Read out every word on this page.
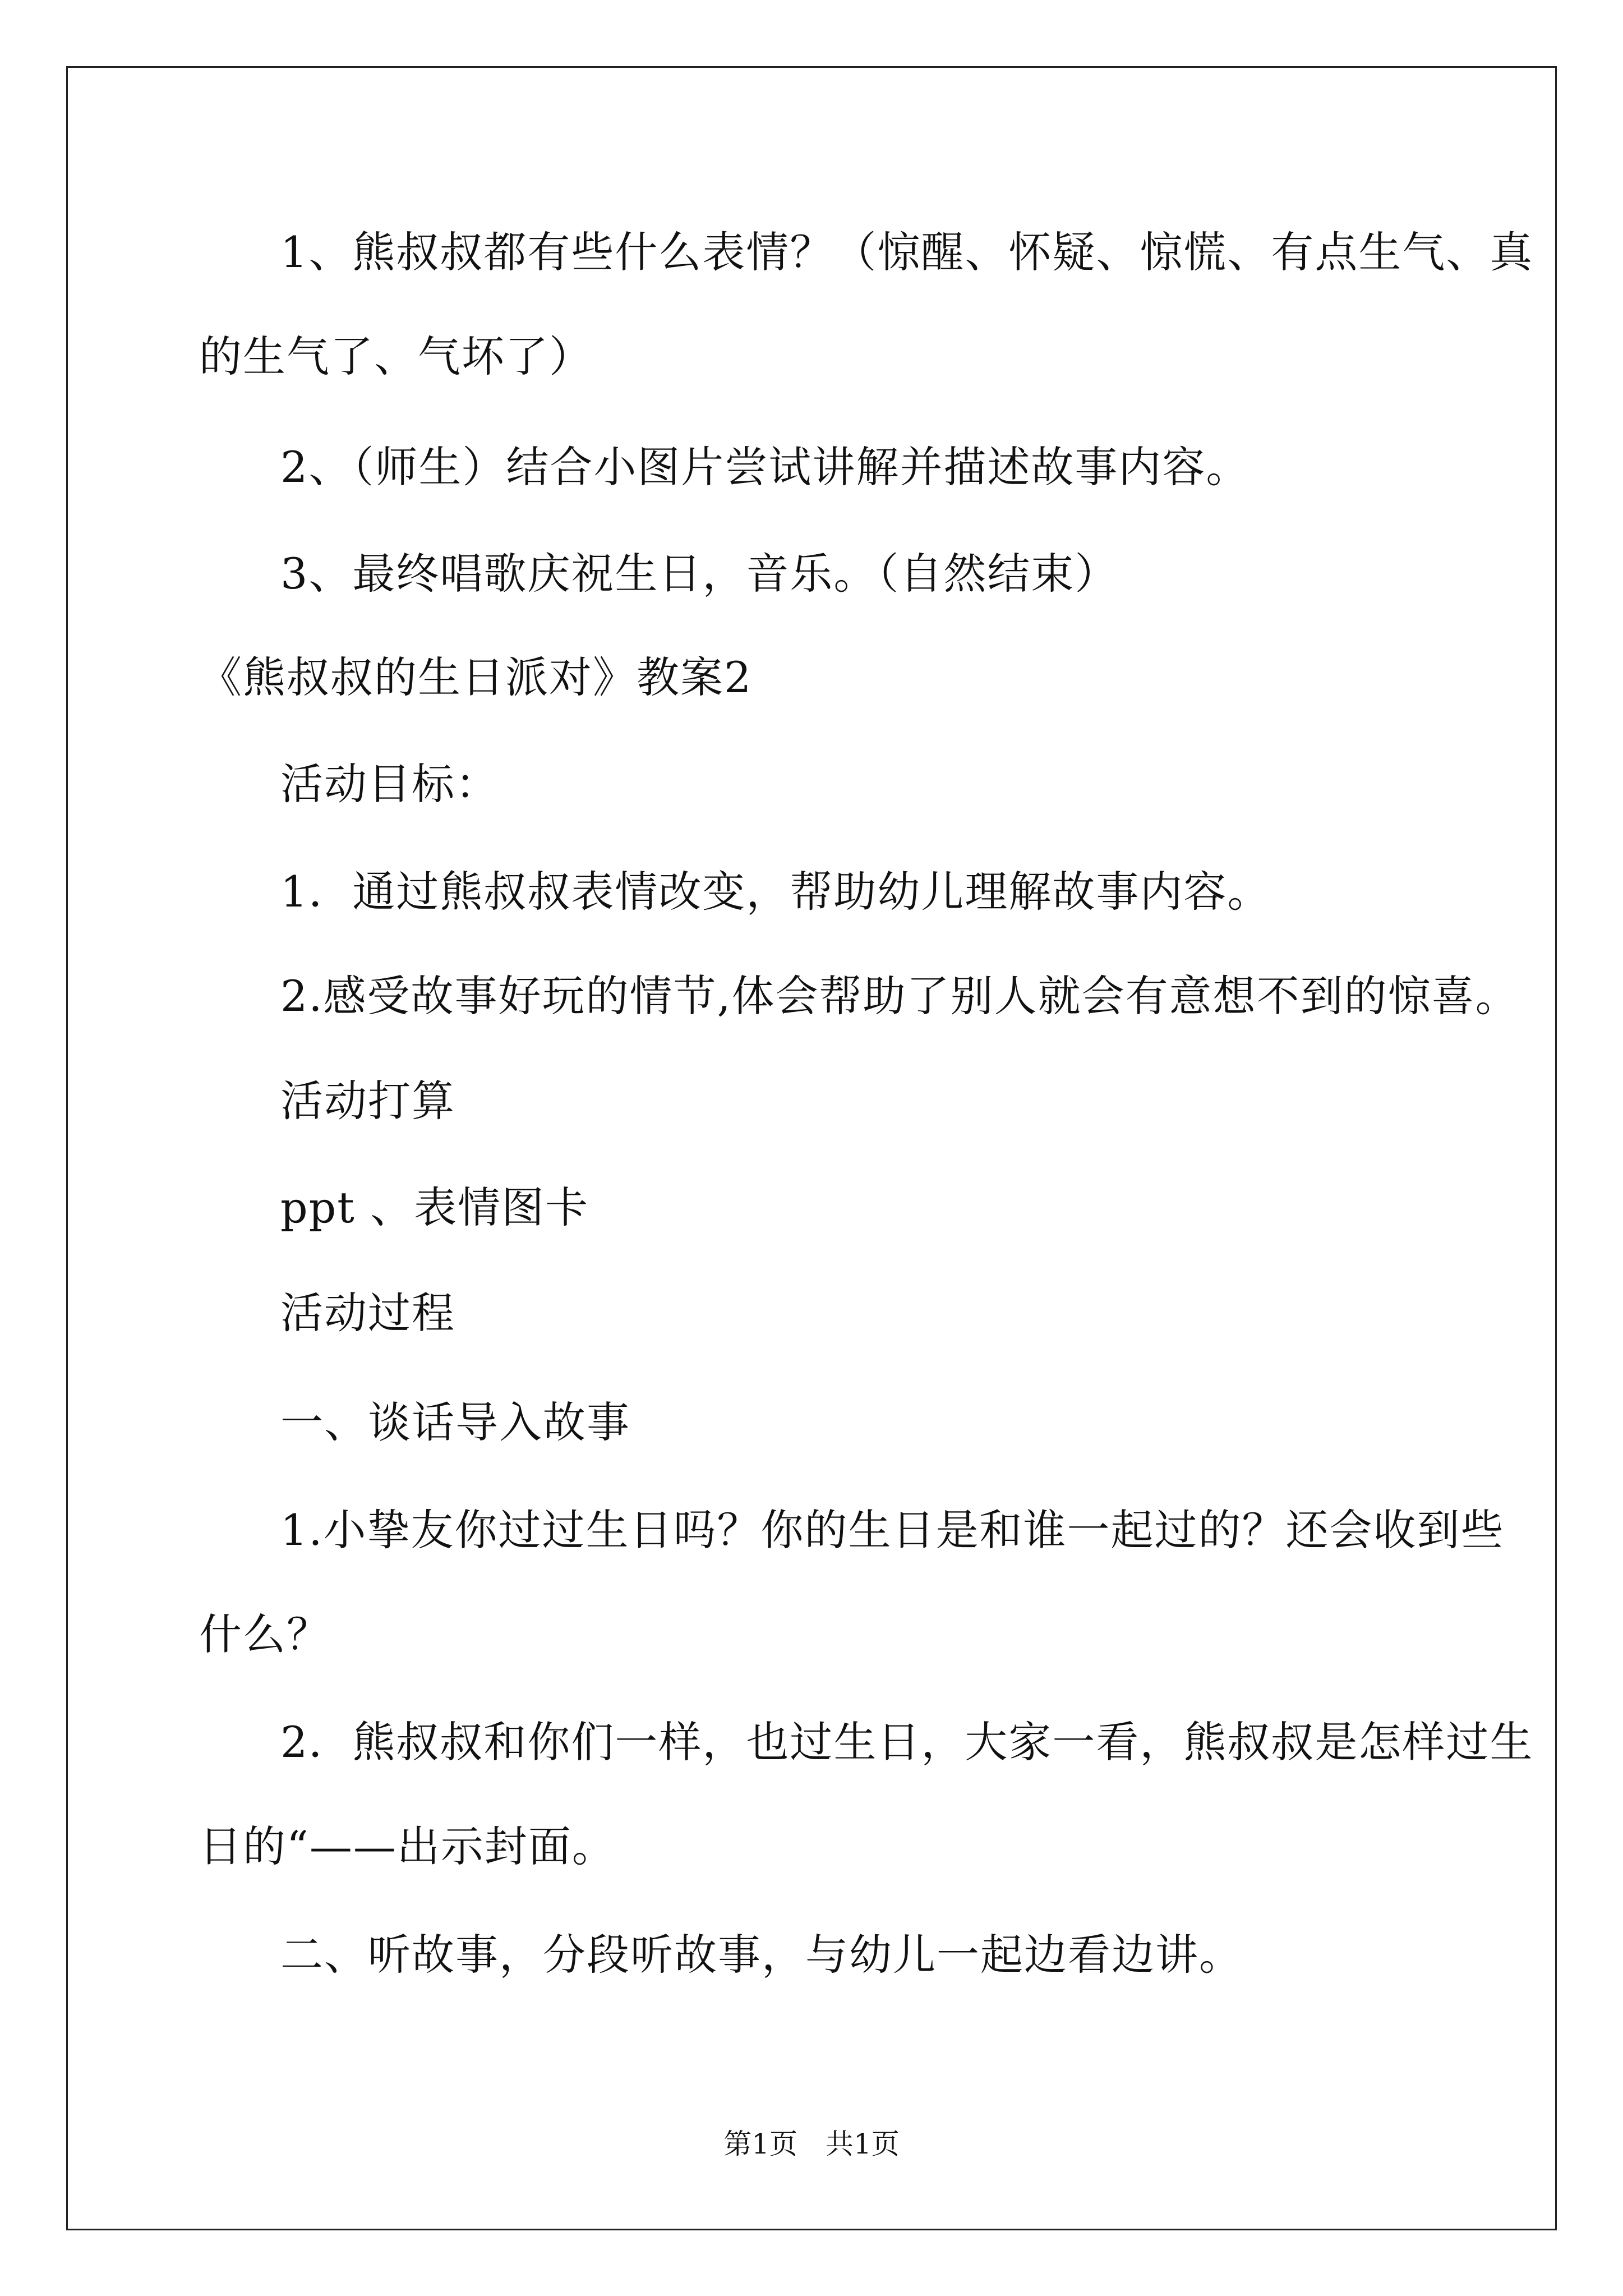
1、熊叔叔都有些什么表情？（惊醒、怀疑、惊慌、有点生气、真

的生气了、气坏了）

2、（师生）结合小图片尝试讲解并描述故事内容。

3、最终唱歌庆祝生日，音乐。（自然结束）

《熊叔叔的生日派对》教案2

活动目标：

1．通过熊叔叔表情改变，帮助幼儿理解故事内容。

2.感受故事好玩的情节,体会帮助了别人就会有意想不到的惊喜。

活动打算

ppt 、表情图卡

活动过程

一、谈话导入故事

1.小挚友你过过生日吗？你的生日是和谁一起过的？还会收到些

什么？

2．熊叔叔和你们一样，也过生日，大家一看，熊叔叔是怎样过生

日的“——出示封面。

二、听故事，分段听故事，与幼儿一起边看边讲。

第1页　共1页
